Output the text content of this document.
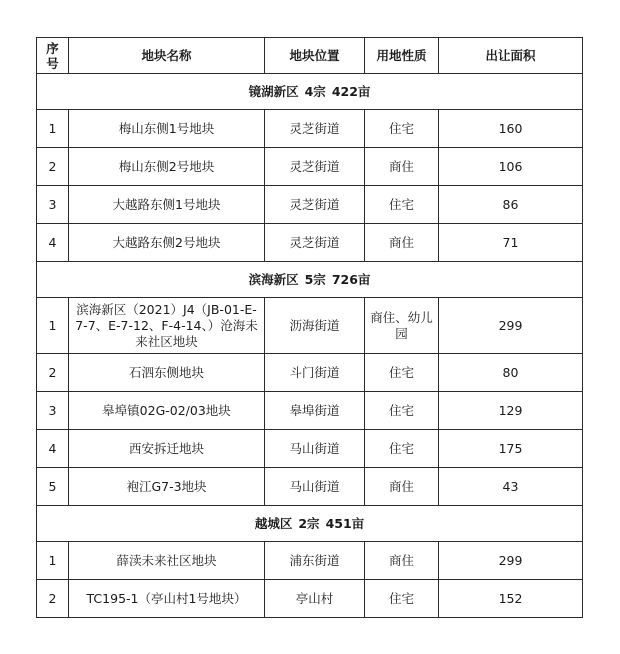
序号	地块名称	地块位置	用地性质	出让面积
镜湖新区 4宗 422亩				
1	梅山东侧1号地块	灵芝街道	住宅	160
2	梅山东侧2号地块	灵芝街道	商住	106
3	大越路东侧1号地块	灵芝街道	住宅	86
4	大越路东侧2号地块	灵芝街道	商住	71
滨海新区 5宗 726亩				
1	滨海新区（2021）J4（JB-01-E-7-7、E-7-12、F-4-14、）沧海未来社区地块	沥海街道	商住、幼儿园	299
2	石泗东侧地块	斗门街道	住宅	80
3	皋埠镇02G-02/03地块	皋埠街道	住宅	129
4	西安拆迁地块	马山街道	住宅	175
5	袍江G7-3地块	马山街道	商住	43
越城区 2宗 451亩				
1	薛渎未来社区地块	浦东街道	商住	299
2	TC195-1（亭山村1号地块）	亭山村	住宅	152
